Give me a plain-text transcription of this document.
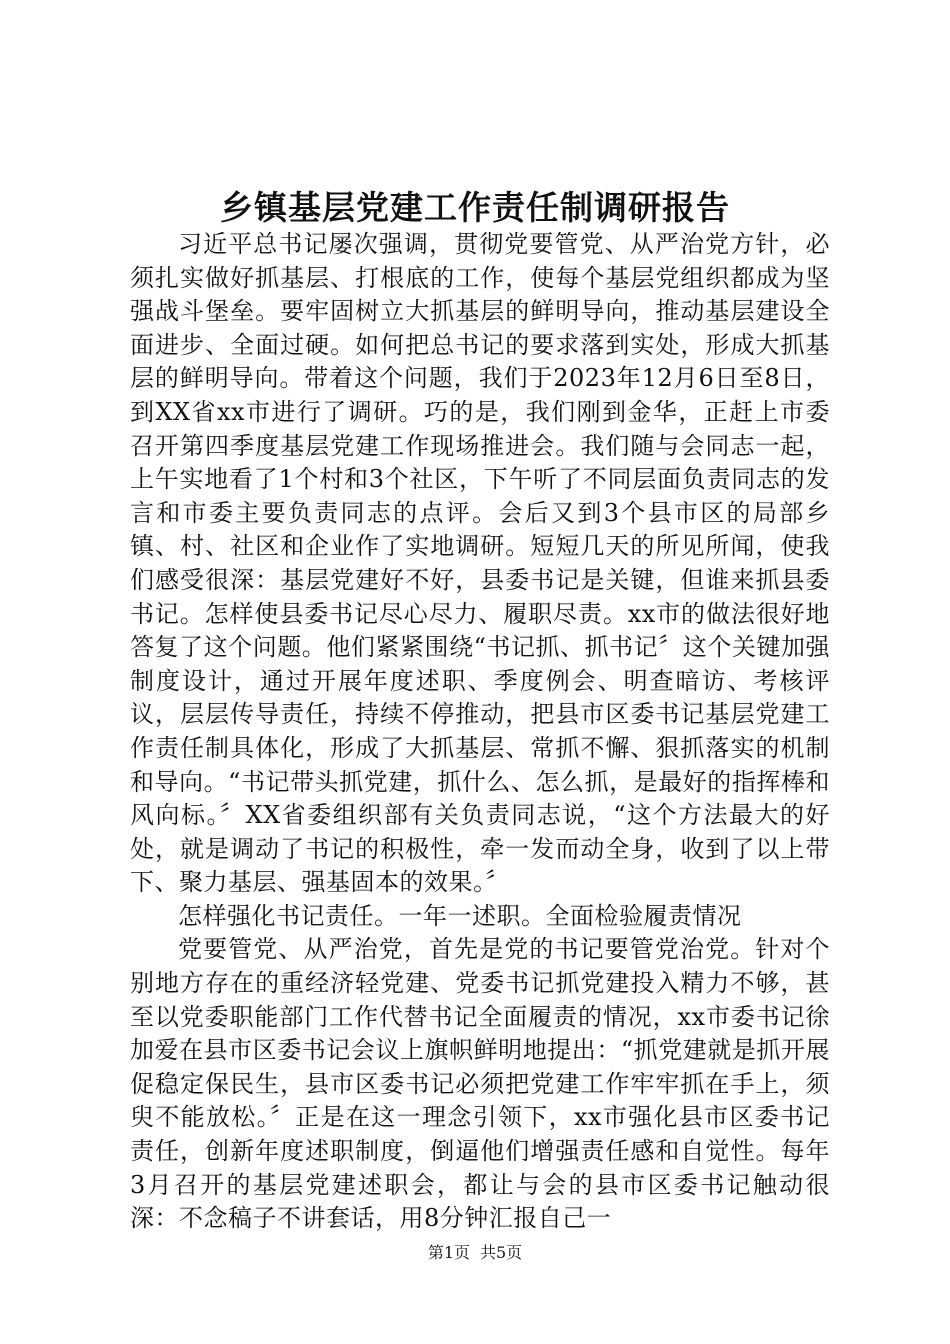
乡镇基层党建工作责任制调研报告

习近平总书记屡次强调，贯彻党要管党、从严治党方针，必须扎实做好抓基层、打根底的工作，使每个基层党组织都成为坚强战斗堡垒。要牢固树立大抓基层的鲜明导向，推动基层建设全面进步、全面过硬。如何把总书记的要求落到实处，形成大抓基层的鲜明导向。带着这个问题，我们于2023年12月6日至8日，到XX省xx市进行了调研。巧的是，我们刚到金华，正赶上市委召开第四季度基层党建工作现场推进会。我们随与会同志一起，上午实地看了1个村和3个社区，下午听了不同层面负责同志的发言和市委主要负责同志的点评。会后又到3个县市区的局部乡镇、村、社区和企业作了实地调研。短短几天的所见所闻，使我们感受很深：基层党建好不好，县委书记是关键，但谁来抓县委书记。怎样使县委书记尽心尽力、履职尽责。xx市的做法很好地答复了这个问题。他们紧紧围绕“书记抓、抓书记〞这个关键加强制度设计，通过开展年度述职、季度例会、明查暗访、考核评议，层层传导责任，持续不停推动，把县市区委书记基层党建工作责任制具体化，形成了大抓基层、常抓不懈、狠抓落实的机制和导向。“书记带头抓党建，抓什么、怎么抓，是最好的指挥棒和风向标。〞XX省委组织部有关负责同志说，“这个方法最大的好处，就是调动了书记的积极性，牵一发而动全身，收到了以上带下、聚力基层、强基固本的效果。〞

怎样强化书记责任。一年一述职。全面检验履责情况

党要管党、从严治党，首先是党的书记要管党治党。针对个别地方存在的重经济轻党建、党委书记抓党建投入精力不够，甚至以党委职能部门工作代替书记全面履责的情况，xx市委书记徐加爱在县市区委书记会议上旗帜鲜明地提出：“抓党建就是抓开展促稳定保民生，县市区委书记必须把党建工作牢牢抓在手上，须臾不能放松。〞正是在这一理念引领下，xx市强化县市区委书记责任，创新年度述职制度，倒逼他们增强责任感和自觉性。每年3月召开的基层党建述职会，都让与会的县市区委书记触动很深：不念稿子不讲套话，用8分钟汇报自己一

第1页 共5页
